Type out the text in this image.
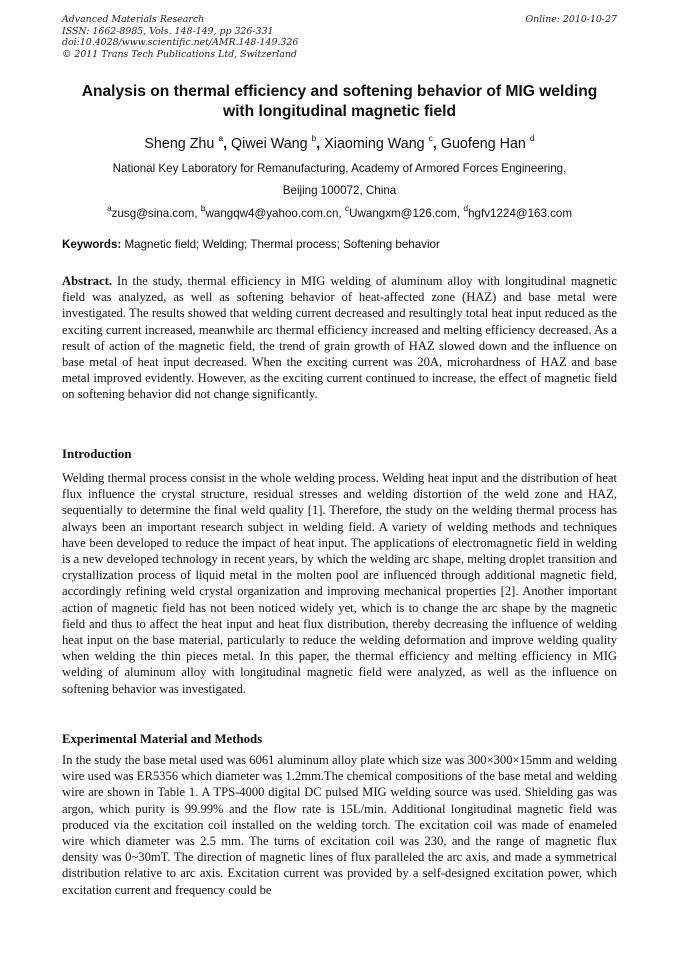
Advanced Materials Research
ISSN: 1662-8985, Vols. 148-149, pp 326-331
doi:10.4028/www.scientific.net/AMR.148-149.326
© 2011 Trans Tech Publications Ltd, Switzerland
Online: 2010-10-27
Analysis on thermal efficiency and softening behavior of MIG welding
with longitudinal magnetic field
Sheng Zhu $^a$, Qiwei Wang $^b$, Xiaoming Wang $^c$, Guofeng Han $^d$
National Key Laboratory for Remanufacturing, Academy of Armored Forces Engineering,
Beijing 100072, China
$^a$zusg@sina.com, $^b$wangqw4@yahoo.com.cn, $^c$Uwangxm@126.com, $^d$hgfv1224@163.com
Keywords: Magnetic field; Welding; Thermal process; Softening behavior
Abstract. In the study, thermal efficiency in MIG welding of aluminum alloy with longitudinal magnetic field was analyzed, as well as softening behavior of heat-affected zone (HAZ) and base metal were investigated. The results showed that welding current decreased and resultingly total heat input reduced as the exciting current increased, meanwhile arc thermal efficiency increased and melting efficiency decreased. As a result of action of the magnetic field, the trend of grain growth of HAZ slowed down and the influence on base metal of heat input decreased. When the exciting current was 20A, microhardness of HAZ and base metal improved evidently. However, as the exciting current continued to increase, the effect of magnetic field on softening behavior did not change significantly.
Introduction
Welding thermal process consist in the whole welding process. Welding heat input and the distribution of heat flux influence the crystal structure, residual stresses and welding distortion of the weld zone and HAZ, sequentially to determine the final weld quality [1]. Therefore, the study on the welding thermal process has always been an important research subject in welding field. A variety of welding methods and techniques have been developed to reduce the impact of heat input. The applications of electromagnetic field in welding is a new developed technology in recent years, by which the welding arc shape, melting droplet transition and crystallization process of liquid metal in the molten pool are influenced through additional magnetic field, accordingly refining weld crystal organization and improving mechanical properties [2]. Another important action of magnetic field has not been noticed widely yet, which is to change the arc shape by the magnetic field and thus to affect the heat input and heat flux distribution, thereby decreasing the influence of welding heat input on the base material, particularly to reduce the welding deformation and improve welding quality when welding the thin pieces metal. In this paper, the thermal efficiency and melting efficiency in MIG welding of aluminum alloy with longitudinal magnetic field were analyzed, as well as the influence on softening behavior was investigated.
Experimental Material and Methods
In the study the base metal used was 6061 aluminum alloy plate which size was 300×300×15mm and welding wire used was ER5356 which diameter was 1.2mm.The chemical compositions of the base metal and welding wire are shown in Table 1. A TPS-4000 digital DC pulsed MIG welding source was used. Shielding gas was argon, which purity is 99.99% and the flow rate is 15L/min. Additional longitudinal magnetic field was produced via the excitation coil installed on the welding torch. The excitation coil was made of enameled wire which diameter was 2.5 mm. The turns of excitation coil was 230, and the range of magnetic flux density was 0~30mT. The direction of magnetic lines of flux paralleled the arc axis, and made a symmetrical distribution relative to arc axis. Excitation current was provided by a self-designed excitation power, which excitation current and frequency could be
